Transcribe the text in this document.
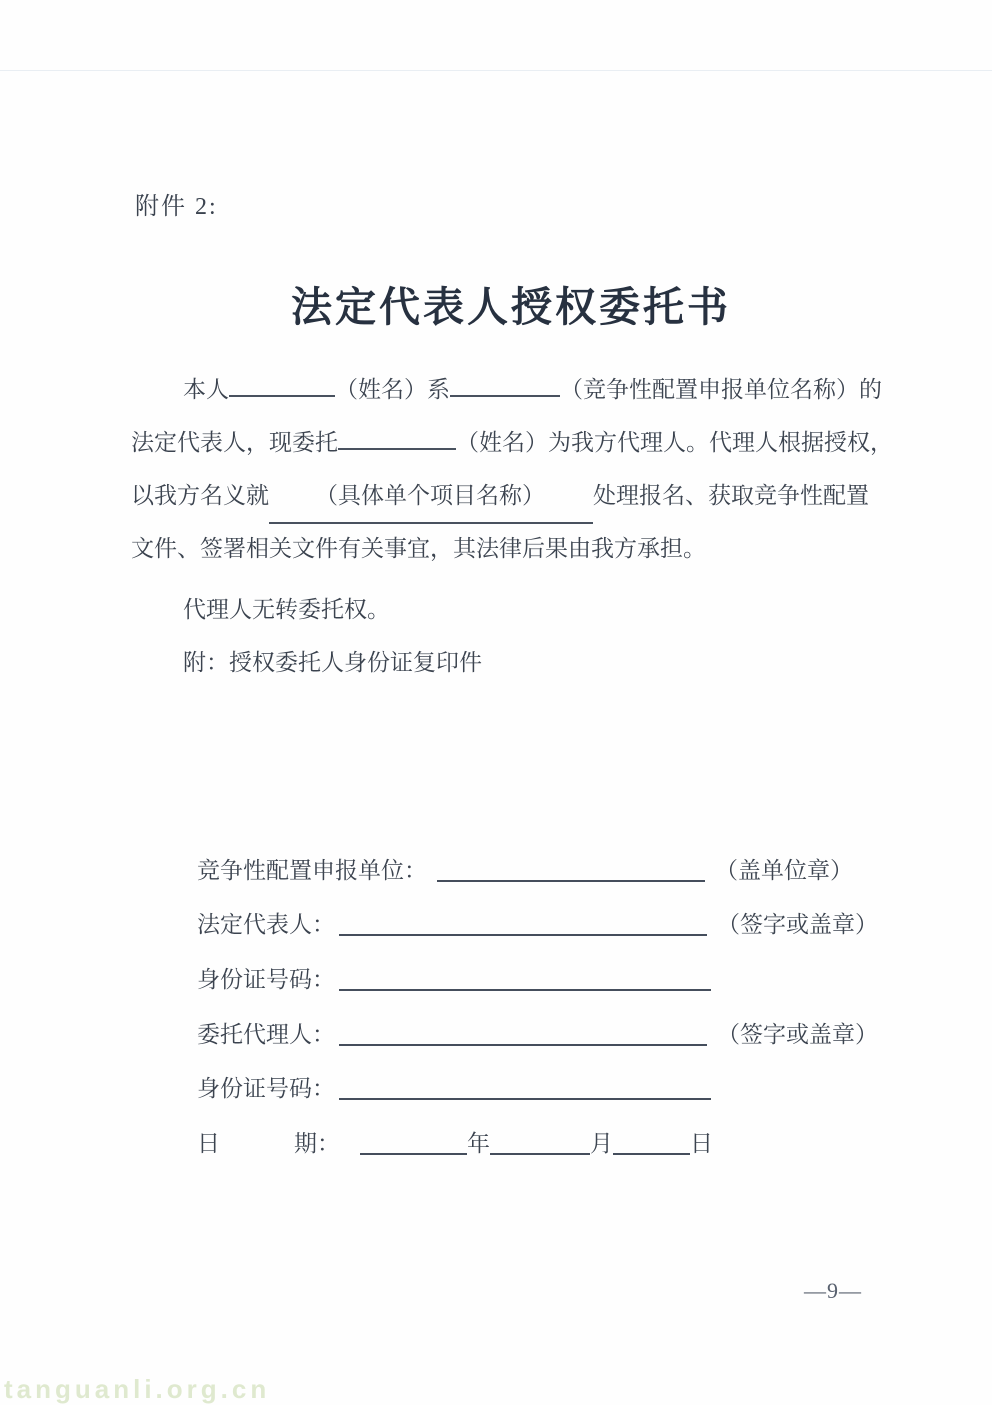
附件 2:
法定代表人授权委托书
本人	（姓名）系	（竞争性配置申报单位名称）的
法定代表人，现委托	（姓名）为我方代理人。代理人根据授权，
以我方名义就 （具体单个项目名称） 处理报名、获取竞争性配置
文件、签署相关文件有关事宜，其法律后果由我方承担。
代理人无转委托权。
附：授权委托人身份证复印件
竞争性配置申报单位：	（盖单位章）
法定代表人：	（签字或盖章）
身份证号码：
委托代理人：	（签字或盖章）
身份证号码：
日	期：	年	月	日
—9—
tanguanli.org.cn
